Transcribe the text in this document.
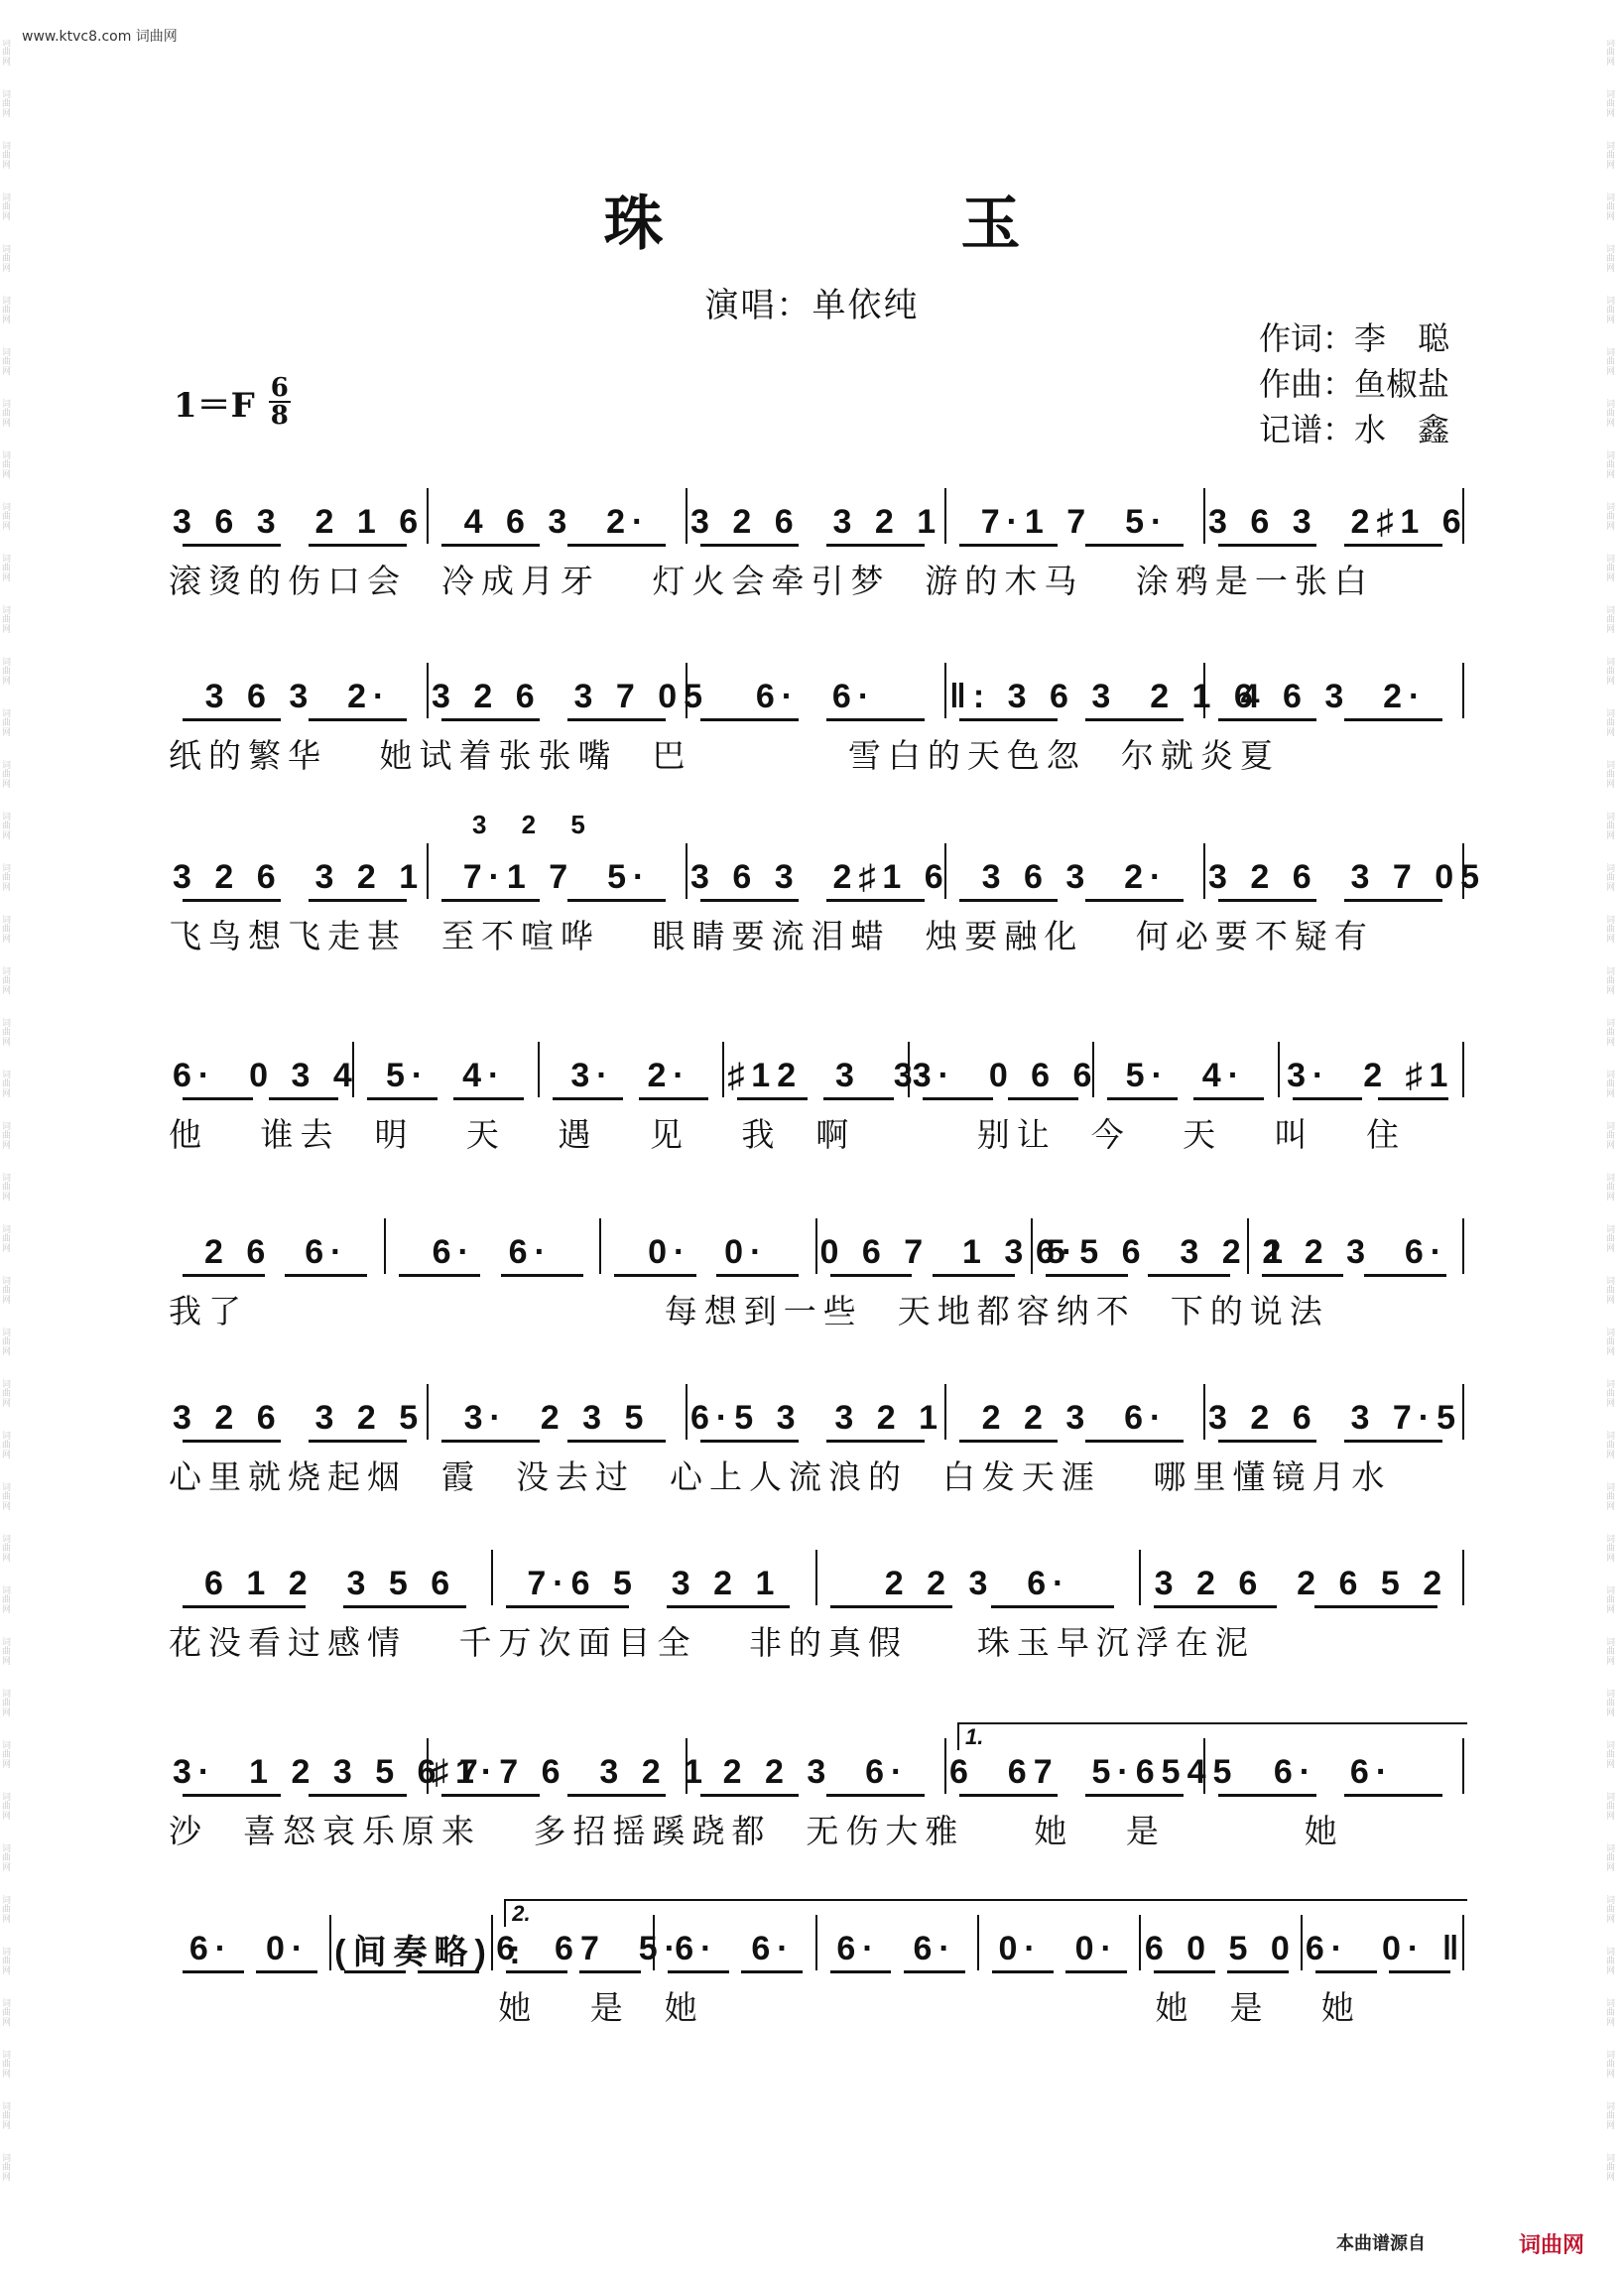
www.ktvc8.com 词曲网
词曲网
词曲网
词曲网
词曲网
词曲网
词曲网
词曲网
词曲网
词曲网
词曲网
词曲网
词曲网
词曲网
词曲网
词曲网
词曲网
词曲网
词曲网
词曲网
词曲网
词曲网
词曲网
词曲网
词曲网
词曲网
词曲网
词曲网
词曲网
词曲网
词曲网
词曲网
词曲网
词曲网
词曲网
词曲网
词曲网
词曲网
词曲网
词曲网
词曲网
词曲网
词曲网
词曲网
词曲网
词曲网
词曲网
词曲网
词曲网
词曲网
词曲网
词曲网
词曲网
词曲网
词曲网
词曲网
词曲网
词曲网
词曲网
词曲网
词曲网
词曲网
词曲网
词曲网
词曲网
词曲网
词曲网
词曲网
词曲网
词曲网
词曲网
词曲网
词曲网
词曲网
词曲网
词曲网
词曲网
词曲网
词曲网
词曲网
词曲网
词曲网
词曲网
词曲网
词曲网
珠　玉
演唱：单依纯
作词：李　聪
作曲：鱼椒盐
记谱：水　鑫
1＝F 6
8
3 6 3  2 1 6	4 6 3  2·	3 2 6  3 2 1	7·1 7  5·	3 6 3  2♯1 6
滚烫的伤口会  冷成月牙   灯火会牵引梦  游的木马   涂鸦是一张白
3 6 3  2·	3 2 6  3 7 05	6·  6·	‖: 3 6 3  2 1 6
4 6 3  2·
纸的繁华   她试着张张嘴  巴         雪白的天色忽  尔就炎夏
3 2 6  3 2 1	7·1 7  5·	3 6 3  2♯1 6 3 6 3  2·	3 2 6  3 7 05
3 2 5
飞鸟想飞走甚  至不喧哗   眼睛要流泪蜡  烛要融化   何必要不疑有
6·  0 3 4 5·  4·	3·  2·	♯12  3  3·
3·  0 6 6 5·  4·	3·  2 ♯1
他   谁去  明   天   遇   见   我  啊       别让  今   天   叫   住
2 6  6·	6·  6·	0·  0·	0 6 7  1 3 5
6·5 6  3 2 1
2 2 3  6·
我了                        每想到一些  天地都容纳不  下的说法
3 2 6  3 2 5	3·  2 3 5	6·5 3  3 2 1	2 2 3  6·	3 2 6  3 7·5
心里就烧起烟  霞  没去过  心上人流浪的  白发天涯   哪里懂镜月水
6 1 2  3 5 6	7·6 5  3 2 1	2 2 3  6·	3 2 6  2 6 5 2
花没看过感情   千万次面目全   非的真假    珠玉早沉浮在泥
3·  1 2 3 5 6 7
♯1·7 6  3 2 1 2 2 3  6·	6  67  5·6545	6·  6·
1.
沙  喜怒哀乐原来   多招摇蹊跷都  无伤大雅    她   是        她
6·  0· (间奏略) :
6  67  5·
6·  6·	6·  6·	0·  0· 6 0 5 0 6·  0· ‖
2.
她   是  她                          她  是   她
本曲谱源自	词曲网
